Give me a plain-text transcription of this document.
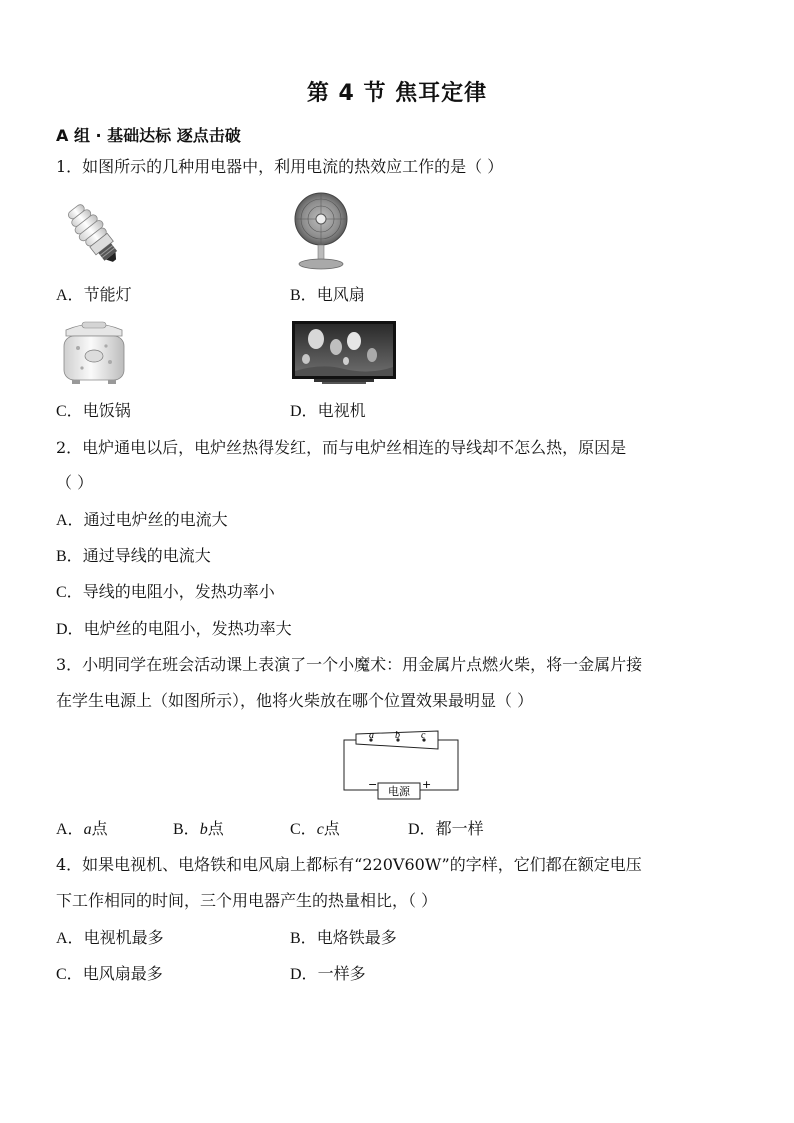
第 4 节 焦耳定律
A 组 · 基础达标 逐点击破
1．如图所示的几种用电器中，利用电流的热效应工作的是（ ）
A．节能灯	B．电风扇
C．电饭锅	D．电视机
2．电炉通电以后，电炉丝热得发红，而与电炉丝相连的导线却不怎么热，原因是
（ ）
A．通过电炉丝的电流大
B．通过导线的电流大
C．导线的电阻小，发热功率小
D．电炉丝的电阻小，发热功率大
3．小明同学在班会活动课上表演了一个小魔术：用金属片点燃火柴，将一金属片接
在学生电源上（如图所示），他将火柴放在哪个位置效果最明显（ ）
a b c
电源
−	+
A．a点	B．b点	C．c点	D．都一样
4．如果电视机、电烙铁和电风扇上都标有“220V60W”的字样，它们都在额定电压
下工作相同的时间，三个用电器产生的热量相比，（ ）
A．电视机最多	B．电烙铁最多
C．电风扇最多	D．一样多
